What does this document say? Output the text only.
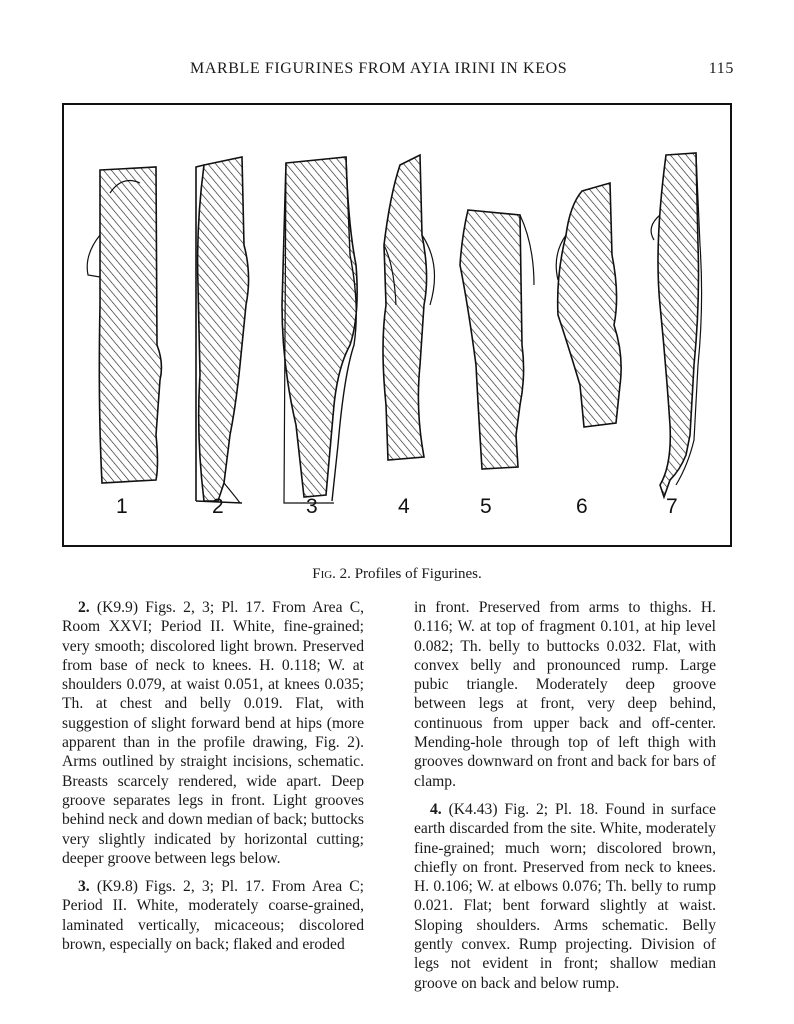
MARBLE FIGURINES FROM AYIA IRINI IN KEOS	115
1	2	3	4	5	6	7
Fig. 2. Profiles of Figurines.

2. (K9.9) Figs. 2, 3; Pl. 17. From Area C, Room XXVI; Period II. White, fine-grained; very smooth; discolored light brown. Preserved from base of neck to knees. H. 0.118; W. at shoulders 0.079, at waist 0.051, at knees 0.035; Th. at chest and belly 0.019. Flat, with suggestion of slight forward bend at hips (more apparent than in the profile drawing, Fig. 2). Arms outlined by straight incisions, schematic. Breasts scarcely rendered, wide apart. Deep groove separates legs in front. Light grooves behind neck and down median of back; buttocks very slightly indicated by horizontal cutting; deeper groove between legs below.

3. (K9.8) Figs. 2, 3; Pl. 17. From Area C; Period II. White, moderately coarse-grained, laminated vertically, micaceous; discolored brown, especially on back; flaked and eroded

in front. Preserved from arms to thighs. H. 0.116; W. at top of fragment 0.101, at hip level 0.082; Th. belly to buttocks 0.032. Flat, with convex belly and pronounced rump. Large pubic triangle. Moderately deep groove between legs at front, very deep behind, continuous from upper back and off-center. Mending-hole through top of left thigh with grooves downward on front and back for bars of clamp.

4. (K4.43) Fig. 2; Pl. 18. Found in surface earth discarded from the site. White, moderately fine-grained; much worn; discolored brown, chiefly on front. Preserved from neck to knees. H. 0.106; W. at elbows 0.076; Th. belly to rump 0.021. Flat; bent forward slightly at waist. Sloping shoulders. Arms schematic. Belly gently convex. Rump projecting. Division of legs not evident in front; shallow median groove on back and below rump.
